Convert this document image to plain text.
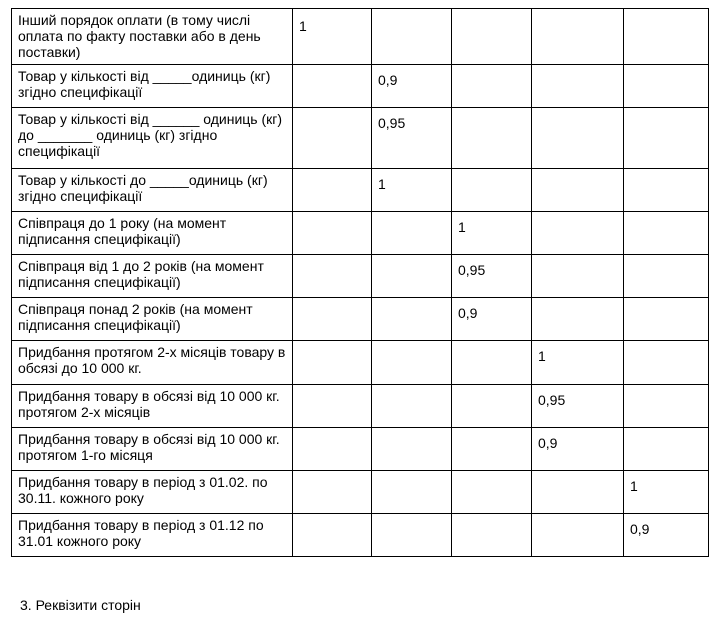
Інший порядок оплати (в тому числі оплата по факту поставки або в день поставки)	1				
Товар у кількості від _____одиниць (кг) згідно специфікації		0,9			
Товар у кількості від ______ одиниць (кг) до _______ одиниць (кг) згідно специфікації		0,95			
Товар у кількості до _____одиниць (кг) згідно специфікації		1			
Співпраця до 1 року (на момент підписання специфікації)			1		
Співпраця від 1 до 2 років (на момент підписання специфікації)			0,95		
Співпраця понад 2 років (на момент підписання специфікації)			0,9		
Придбання протягом 2-х місяців товару в обсязі до 10 000 кг.				1	
Придбання товару в обсязі від 10 000 кг. протягом 2-х місяців				0,95	
Придбання товару в обсязі від 10 000 кг. протягом 1-го місяця				0,9	
Придбання товару в період з 01.02. по 30.11. кожного року					1
Придбання товару в період з 01.12 по 31.01 кожного року					0,9
3. Реквізити сторін
